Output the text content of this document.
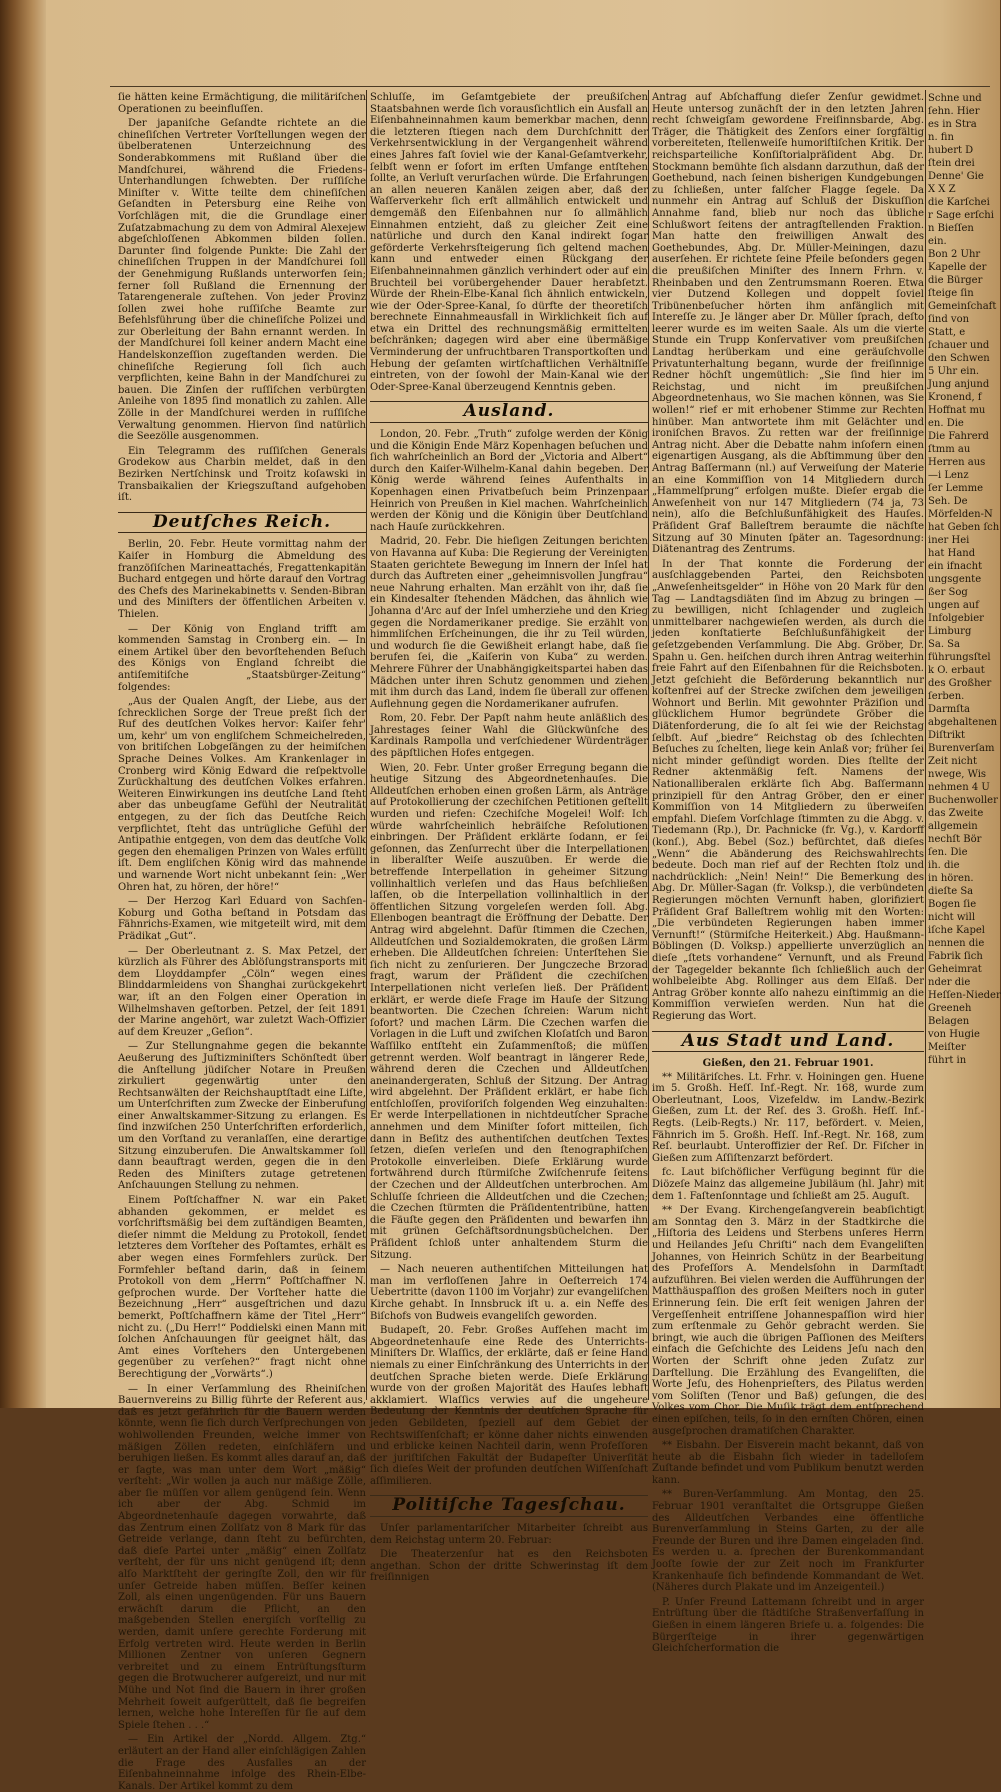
ſie hätten keine Ermächtigung, die militäriſchen Operationen zu beeinfluſſen.

Der japaniſche Geſandte richtete an die chineſiſchen Vertreter Vorſtellungen wegen der übelberatenen Unterzeichnung des Sonderabkommens mit Rußland über die Mandſchurei, während die Friedens-Unterhandlungen ſchwebten. Der ruſſiſche Miniſter v. Witte teilte dem chineſiſchen Geſandten in Petersburg eine Reihe von Vorſchlägen mit, die die Grundlage einer Zuſatzabmachung zu dem von Admiral Alexejew abgeſchloſſenen Abkommen bilden ſollen. Darunter ſind folgende Punkte: Die Zahl der chineſiſchen Truppen in der Mandſchurei ſoll der Genehmigung Rußlands unterworfen ſein; ferner ſoll Rußland die Ernennung der Tatarengenerale zuſtehen. Von jeder Provinz ſollen zwei hohe ruſſiſche Beamte zur Befehlsführung über die chineſiſche Polizei und zur Oberleitung der Bahn ernannt werden. In der Mandſchurei ſoll keiner andern Macht eine Handelskonzeſſion zugeſtanden werden. Die chineſiſche Regierung ſoll ſich auch verpflichten, keine Bahn in der Mandſchurei zu bauen. Die Zinſen der ruſſiſchen verbürgten Anleihe von 1895 ſind monatlich zu zahlen. Alle Zölle in der Mandſchurei werden in ruſſiſche Verwaltung genommen. Hiervon ſind natürlich die Seezölle ausgenommen.

Ein Telegramm des ruſſiſchen Generals Grodekow aus Charbin meldet, daß in den Bezirken Nertſchinsk und Troitz koſawski in Transbaikalien der Kriegszuſtand aufgehoben iſt.

Deutſches Reich.

Berlin, 20. Febr. Heute vormittag nahm der Kaiſer in Homburg die Abmeldung des franzöſiſchen Marineattachés, Fregattenkapitän Buchard entgegen und hörte darauf den Vortrag des Chefs des Marinekabinetts v. Senden-Bibran und des Miniſters der öffentlichen Arbeiten v. Thielen.

— Der König von England trifft am kommenden Samstag in Cronberg ein. — In einem Artikel über den bevorſtehenden Beſuch des Königs von England ſchreibt die antiſemitiſche „Staatsbürger-Zeitung“ folgendes:

„Aus der Qualen Angſt, der Liebe, aus der ſchrecklichen Sorge der Treue preßt ſich der Ruf des deutſchen Volkes hervor: Kaiſer fehr' um, kehr' um von engliſchem Schmeichelreden, von britiſchen Lobgeſängen zu der heimiſchen Sprache Deines Volkes. Am Krankenlager in Cronberg wird König Edward die reſpektvolle Zurückhaltung des deutſchen Volkes erfahren. Weiteren Einwirkungen ins deutſche Land ſteht aber das unbeugſame Gefühl der Neutralität entgegen, zu der ſich das Deutſche Reich verpflichtet, ſteht das untrügliche Gefühl der Antipathie entgegen, von dem das deutſche Volk gegen den ehemaligen Prinzen von Wales erfüllt iſt. Dem engliſchen König wird das mahnende und warnende Wort nicht unbekannt ſein: „Wer Ohren hat, zu hören, der höre!“

— Der Herzog Karl Eduard von Sachſen-Koburg und Gotha beſtand in Potsdam das Fähnrichs-Examen, wie mitgeteilt wird, mit dem Prädikat „Gut“.

— Der Oberleutnant z. S. Max Petzel, der kürzlich als Führer des Ablöſungstransports mit dem Lloyddampfer „Cöln“ wegen eines Blinddarmleidens von Shanghai zurückgekehrt war, iſt an den Folgen einer Operation in Wilhelmshaven geſtorben. Petzel, der ſeit 1891 der Marine angehört, war zuletzt Wach-Offizier auf dem Kreuzer „Geſion“.

— Zur Stellungnahme gegen die bekannte Aeußerung des Juſtizminiſters Schönſtedt über die Anſtellung jüdiſcher Notare in Preußen zirkuliert gegenwärtig unter den Rechtsanwälten der Reichshauptſtadt eine Liſte, um Unterſchriften zum Zwecke der Einberufung einer Anwaltskammer-Sitzung zu erlangen. Es ſind inzwiſchen 250 Unterſchriften erforderlich, um den Vorſtand zu veranlaſſen, eine derartige Sitzung einzuberufen. Die Anwaltskammer ſoll dann beauftragt werden, gegen die in den Reden des Miniſters zutage getretenen Anſchauungen Stellung zu nehmen.

Einem Poſtſchaffner N. war ein Paket abhanden gekommen, er meldet es vorſchriftsmäßig bei dem zuſtändigen Beamten, dieſer nimmt die Meldung zu Protokoll, ſendet letzteres dem Vorſteher des Poſtamtes, erhält es aber wegen eines Formfehlers zurück. Der Formfehler beſtand darin, daß in ſeinem Protokoll von dem „Herrn“ Poſtſchaffner N. geſprochen wurde. Der Vorſteher hatte die Bezeichnung „Herr“ ausgeſtrichen und dazu bemerkt, Poſtſchaffnern käme der Titel „Herr“ nicht zu. („Du Herr!“ Poddielski einen Mann mit ſolchen Anſchauungen für geeignet hält, das Amt eines Vorſtehers den Untergebenen gegenüber zu verſehen?“ fragt nicht ohne Berechtigung der „Vorwärts“.)

— In einer Verſammlung des Rheiniſchen Bauernvereins zu Billig führte der Referent aus, daß es jetzt gefährlich für die Bauern werden könnte, wenn ſie ſich durch Verſprechungen von wohlwollenden Freunden, welche immer von mäßigen Zöllen redeten, einſchläfern und beruhigen ließen. Es kommt alles darauf an, daß er ſagte, was man unter dem Wort „mäßig“ verſteht: „Wir wollen ja auch nur mäßige Zölle, aber ſie müſſen vor allem genügend ſein. Wenn ich aber der Abg. Schmid im Abgeordnetenhauſe dagegen vorwahrte, daß das Zentrum einen Zollſatz von 8 Mark für das Getreide verlange, dann ſteht zu befürchten, daß dieſe Partei unter „mäßig“ einen Zollſatz verſteht, der für uns nicht genügend iſt; denn alſo Marktſteht der geringſte Zoll, den wir für unſer Getreide haben müſſen. Beſſer keinen Zoll, als einen ungenügenden. Für uns Bauern erwächſt darum die Pflicht, an den maßgebenden Stellen energiſch vorſtellig zu werden, damit unſere gerechte Forderung mit Erfolg vertreten wird. Heute werden in Berlin Millionen Zentner von unſeren Gegnern verbreitet und zu einem Entrüſtungsſturm gegen die Brotwucherer aufgereizt, und nur mit Mühe und Not ſind die Bauern in ihrer großen Mehrheit ſoweit aufgerüttelt, daß ſie begreifen lernen, welche hohe Intereſſen für ſie auf dem Spiele ſtehen . . .“

— Ein Artikel der „Nordd. Allgem. Ztg.“ erläutert an der Hand aller einſchlägigen Zahlen die Frage des Ausfalles an der Eiſenbahneinnahme infolge des Rhein-Elbe-Kanals. Der Artikel kommt zu dem

Schluſſe, im Geſamtgebiete der preußiſchen Staatsbahnen werde ſich vorausſichtlich ein Ausfall an Eiſenbahneinnahmen kaum bemerkbar machen, denn die letzteren ſtiegen nach dem Durchſchnitt der Verkehrsentwicklung in der Vergangenheit während eines Jahres faſt ſoviel wie der Kanal-Geſamtverkehr, ſelbſt wenn er ſofort im erſten Umfange entſtehen ſollte, an Verluſt verurſachen würde. Die Erfahrungen an allen neueren Kanälen zeigen aber, daß der Waſſerverkehr ſich erſt allmählich entwickelt und demgemäß den Eiſenbahnen nur ſo allmählich Einnahmen entzieht, daß zu gleicher Zeit eine natürliche und durch den Kanal indirekt ſogar geförderte Verkehrsſteigerung ſich geltend machen kann und entweder einen Rückgang der Eiſenbahneinnahmen gänzlich verhindert oder auf ein Bruchteil bei vorübergehender Dauer herabſetzt. Würde der Rhein-Elbe-Kanal ſich ähnlich entwickeln, wie der Oder-Spree-Kanal, ſo dürfte der theoretiſch berechnete Einnahmeausfall in Wirklichkeit ſich auf etwa ein Drittel des rechnungsmäßig ermittelten beſchränken; dagegen wird aber eine übermäßige Verminderung der unfruchtbaren Transportkoſten und Hebung der geſamten wirtſchaftlichen Verhältniſſe eintreten, von der ſowohl der Main-Kanal wie der Oder-Spree-Kanal überzeugend Kenntnis geben.

Ausland.

London, 20. Febr. „Truth“ zufolge werden der König und die Königin Ende März Kopenhagen beſuchen und ſich wahrſcheinlich an Bord der „Victoria and Albert“ durch den Kaiſer-Wilhelm-Kanal dahin begeben. Der König werde während ſeines Aufenthalts in Kopenhagen einen Privatbeſuch beim Prinzenpaar Heinrich von Preußen in Kiel machen. Wahrſcheinlich werden der König und die Königin über Deutſchland nach Hauſe zurückkehren.

Madrid, 20. Febr. Die hieſigen Zeitungen berichten von Havanna auf Kuba: Die Regierung der Vereinigten Staaten gerichtete Bewegung im Innern der Inſel hat durch das Auftreten einer „geheimnisvollen Jungfrau“ neue Nahrung erhalten. Man erzählt von ihr, daß ſie ein Kindesalter ſtehenden Mädchen, das ähnlich wie Johanna d'Arc auf der Inſel umherziehe und den Krieg gegen die Nordamerikaner predige. Sie erzählt von himmliſchen Erſcheinungen, die ihr zu Teil würden, und wodurch ſie die Gewißheit erlangt habe, daß ſie berufen ſei, die „Kaiſerin von Kuba“ zu werden. Mehrere Führer der Unabhängigkeitspartei haben das Mädchen unter ihren Schutz genommen und ziehen mit ihm durch das Land, indem ſie überall zur offenen Auflehnung gegen die Nordamerikaner aufrufen.

Rom, 20. Febr. Der Papſt nahm heute anläßlich des Jahrestages ſeiner Wahl die Glückwünſche des Kardinals Rampolla und verſchiedener Würdenträger des päpſtlichen Hofes entgegen.

Wien, 20. Febr. Unter großer Erregung begann die heutige Sitzung des Abgeordnetenhauſes. Die Alldeutſchen erhoben einen großen Lärm, als Anträge auf Protokollierung der czechiſchen Petitionen geſtellt wurden und riefen: Czechiſche Mogelei! Wolf: Ich würde wahrſcheinlich hebräiſche Reſolutionen einbringen. Der Präſident erklärte ſodann, er ſei geſonnen, das Zenſurrecht über die Interpellationen in liberalſter Weiſe auszuüben. Er werde die betreffende Interpellation in geheimer Sitzung vollinhaltlich verleſen und das Haus beſchließen laſſen, ob die Interpellation vollinhaltlich in der öffentlichen Sitzung vorgeleſen werden ſoll. Abg. Ellenbogen beantragt die Eröffnung der Debatte. Der Antrag wird abgelehnt. Dafür ſtimmen die Czechen, Alldeutſchen und Sozialdemokraten, die großen Lärm erheben. Die Alldeutſchen ſchreien: Unterſtehen Sie ſich nicht zu zenſurieren. Der Jungczeche Brzorad fragt, warum der Präſident die czechiſchen Interpellationen nicht verleſen ließ. Der Präſident erklärt, er werde dieſe Frage im Hauſe der Sitzung beantworten. Die Czechen ſchreien: Warum nicht ſofort? und machen Lärm. Die Czechen warfen die Vorlagen in die Luft und zwiſchen Kloſatſch und Baron Waſſilko entſteht ein Zuſammenſtoß; die müſſen getrennt werden. Wolf beantragt in längerer Rede, während deren die Czechen und Alldeutſchen aneinandergeraten, Schluß der Sitzung. Der Antrag wird abgelehnt. Der Präſident erklärt, er habe ſich entſchloſſen, proviſoriſch folgenden Weg einzuhalten: Er werde Interpellationen in nichtdeutſcher Sprache annehmen und dem Miniſter ſofort mitteilen, ſich dann in Beſitz des authentiſchen deutſchen Textes ſetzen, dieſen verleſen und den ſtenographiſchen Protokolle einverleiben. Dieſe Erklärung wurde fortwährend durch ſtürmiſche Zwiſchenrufe ſeitens der Czechen und der Alldeutſchen unterbrochen. Am Schluſſe ſchrieen die Alldeutſchen und die Czechen; die Czechen ſtürmten die Präſidententribüne, hatten die Fäuſte gegen den Präſidenten und bewarfen ihn mit grünen Geſchäftsordnungsbüchelchen. Der Präſident ſchloß unter anhaltendem Sturm die Sitzung.

— Nach neueren authentiſchen Mitteilungen hat man im verfloſſenen Jahre in Oeſterreich 174 Uebertritte (davon 1100 im Vorjahr) zur evangeliſchen Kirche gehabt. In Innsbruck iſt u. a. ein Neffe des Biſchofs von Budweis evangeliſch geworden.

Budapeſt, 20. Febr. Großes Aufſehen macht im Abgeordnetenhauſe eine Rede des Unterrichts-Miniſters Dr. Wlaſſics, der erklärte, daß er ſeine Hand niemals zu einer Einſchränkung des Unterrichts in der deutſchen Sprache bieten werde. Dieſe Erklärung wurde von der großen Majorität des Hauſes lebhaft akklamiert. Wlaſſics verwies auf die ungeheure Bedeutung der Kenntnis der deutſchen Sprache für jeden Gebildeten, ſpeziell auf dem Gebiet der Rechtswiſſenſchaft; er könne daher nichts einwenden und erblicke keinen Nachteil darin, wenn Profeſſoren der juriſtiſchen Fakultät der Budapeſter Univerſität ſich dieſes Weit der profunden deutſchen Wiſſenſchaft aſſimilieren.

Politiſche Tagesſchau.

Unſer parlamentariſcher Mitarbeiter ſchreibt aus dem Reichstag unterm 20. Februar:

Die Theaterzenſur hat es den Reichsboten angethan. Schon der dritte Schwerinstag iſt dem freiſinnigen

Antrag auf Abſchaffung dieſer Zenſur gewidmet. Heute untersog zunächſt der in den letzten Jahren recht ſchweigſam gewordene Freiſinnsbarde, Abg. Träger, die Thätigkeit des Zenſors einer ſorgfältig vorbereiteten, ſtellenweiſe humoriſtiſchen Kritik. Der reichsparteiliche Konſiſtorialpräſident Abg. Dr. Stockmann bemühte ſich alsdann darzuthun, daß der Goethebund, nach ſeinen bisherigen Kundgebungen zu ſchließen, unter falſcher Flagge ſegele. Da nunmehr ein Antrag auf Schluß der Diskuſſion Annahme fand, blieb nur noch das übliche Schlußwort ſeitens der antragſtellenden Fraktion. Man hatte den freiwilligen Anwalt des Goethebundes, Abg. Dr. Müller-Meiningen, dazu auserſehen. Er richtete ſeine Pfeile beſonders gegen die preußiſchen Miniſter des Innern Frhrn. v. Rheinbaben und den Zentrumsmann Roeren. Etwa vier Dutzend Kollegen und doppelt ſoviel Tribünenbeſucher hörten ihm anfänglich mit Intereſſe zu. Je länger aber Dr. Müller ſprach, deſto leerer wurde es im weiten Saale. Als um die vierte Stunde ein Trupp Konſervativer vom preußiſchen Landtag herüberkam und eine geräuſchvolle Privatunterhaltung begann, wurde der freiſinnige Redner höchſt ungemütlich: „Sie ſind hier im Reichstag, und nicht im preußiſchen Abgeordnetenhaus, wo Sie machen können, was Sie wollen!“ rief er mit erhobener Stimme zur Rechten hinüber. Man antwortete ihm mit Gelächter und ironiſchen Bravos. Zu retten war der freiſinnige Antrag nicht. Aber die Debatte nahm inſofern einen eigenartigen Ausgang, als die Abſtimmung über den Antrag Baſſermann (nl.) auf Verweiſung der Materie an eine Kommiſſion von 14 Mitgliedern durch „Hammelſprung“ erfolgen mußte. Dieſer ergab die Anweſenheit von nur 147 Mitgliedern (74 ja, 73 nein), alſo die Beſchlußunfähigkeit des Hauſes. Präſident Graf Balleſtrem beraumte die nächſte Sitzung auf 30 Minuten ſpäter an. Tagesordnung: Diätenantrag des Zentrums.

In der That konnte die Forderung der ausſchlaggebenden Partei, den Reichsboten „Anweſenheitsgelder“ in Höhe von 20 Mark für den Tag — Landtagsdiäten ſind im Abzug zu bringen — zu bewilligen, nicht ſchlagender und zugleich unmittelbarer nachgewieſen werden, als durch die jeden konſtatierte Beſchlußunfähigkeit der geſetzgebenden Verſammlung. Die Abg. Gröber, Dr. Spahn u. Gen. heiſchen durch ihren Antrag weiterhin freie Fahrt auf den Eiſenbahnen für die Reichsboten. Jetzt geſchieht die Beförderung bekanntlich nur koſtenfrei auf der Strecke zwiſchen dem jeweiligen Wohnort und Berlin. Mit gewohnter Präziſion und glücklichem Humor begründete Gröber die Diätenforderung, die ſo alt ſei wie der Reichstag ſelbſt. Auf „biedre“ Reichstag ob des ſchlechten Beſuches zu ſchelten, liege kein Anlaß vor; früher ſei nicht minder geſündigt worden. Dies ſtellte der Redner aktenmäßig feſt. Namens der Nationalliberalen erklärte ſich Abg. Baſſermann prinzipiell für den Antrag Gröber, den er einer Kommiſſion von 14 Mitgliedern zu überweiſen empfahl. Dieſem Vorſchlage ſtimmten zu die Abgg. v. Tiedemann (Rp.), Dr. Pachnicke (fr. Vg.), v. Kardorff (konſ.), Abg. Bebel (Soz.) befürchtet, daß dieſes „Wenn“ die Abänderung des Reichswahlrechts bedeute. Doch man rief auf der Rechten ſtolz und nachdrücklich: „Nein! Nein!“ Die Bemerkung des Abg. Dr. Müller-Sagan (fr. Volksp.), die verbündeten Regierungen möchten Vernunft haben, glorifiziert Präſident Graf Balleſtrem wohlig mit den Worten: „Die verbündeten Regierungen haben immer Vernunft!“ (Stürmiſche Heiterkeit.) Abg. Haußmann-Böblingen (D. Volksp.) appellierte unverzüglich an dieſe „ſtets vorhandene“ Vernunft, und als Freund der Tagegelder bekannte ſich ſchließlich auch der wohlbeleibte Abg. Rollinger aus dem Elſaß. Der Antrag Gröber konnte alſo nahezu einſtimmig an die Kommiſſion verwieſen werden. Nun hat die Regierung das Wort.

Aus Stadt und Land.

Gießen, den 21. Februar 1901.

** Militäriſches. Lt. Frhr. v. Hoiningen gen. Huene im 5. Großh. Heſſ. Inf.-Regt. Nr. 168, wurde zum Oberleutnant, Loos, Vizefeldw. im Landw.-Bezirk Gießen, zum Lt. der Reſ. des 3. Großh. Heſſ. Inf.-Regts. (Leib-Regts.) Nr. 117, befördert. v. Meien, Fähnrich im 5. Großh. Heſſ. Inf.-Regt. Nr. 168, zum Reſ. beurlaubt. Unteroffizier der Reſ. Dr. Fiſcher in Gießen zum Aſſiſtenzarzt befördert.

fc. Laut biſchöflicher Verfügung beginnt für die Diözeſe Mainz das allgemeine Jubiläum (hl. Jahr) mit dem 1. Faſtenſonntage und ſchließt am 25. Auguſt.

** Der Evang. Kirchengeſangverein beabſichtigt am Sonntag den 3. März in der Stadtkirche die „Hiſtoria des Leidens und Sterbens unſeres Herrn und Heilandes Jeſu Chriſti“ nach dem Evangeliſten Johannes, von Heinrich Schütz in der Bearbeitung des Profeſſors A. Mendelsſohn in Darmſtadt aufzuführen. Bei vielen werden die Aufführungen der Matthäuspaſſion des großen Meiſters noch in guter Erinnerung ſein. Die erſt ſeit wenigen Jahren der Vergeſſenheit entriſſene Johannespaſſion wird hier zum erſtenmale zu Gehör gebracht werden. Sie bringt, wie auch die übrigen Paſſionen des Meiſters einfach die Geſchichte des Leidens Jeſu nach den Worten der Schrift ohne jeden Zuſatz zur Darſtellung. Die Erzählung des Evangeliſten, die Worte Jeſu, des Hohenprieſters, des Pilatus werden vom Soliſten (Tenor und Baß) geſungen, die des Volkes vom Chor. Die Muſik trägt dem entſprechend einen epiſchen, teils, ſo in den ernſten Chören, einen ausgeſprochen dramatiſchen Charakter.

** Eisbahn. Der Eisverein macht bekannt, daß von heute ab die Eisbahn ſich wieder in tadelloſem Zuſtande befindet und vom Publikum benutzt werden kann.

** Buren-Verſammlung. Am Montag, den 25. Februar 1901 veranſtaltet die Ortsgruppe Gießen des Alldeutſchen Verbandes eine öffentliche Burenverſammlung in Steins Garten, zu der alle Freunde der Buren und ihre Damen eingeladen ſind. Es werden u. a. ſprechen der Burenkommandant Jooſte ſowie der zur Zeit noch im Frankfurter Krankenhauſe ſich befindende Kommandant de Wet. (Näheres durch Plakate und im Anzeigenteil.)

P. Unſer Freund Lattemann ſchreibt und in arger Entrüſtung über die ſtädtiſche Straßenverfaſſung in Gießen in einem längeren Briefe u. a. folgendes: Die Bürgerſteige in ihrer gegenwärtigen Gleichſcherformation die

Schne und
ſehn. Hier
es in Stra
n. fin
hubert D
ſtein drei
Denne' Gie
X X Z
die Karſchei
r Sage erſchi
n Bieſſen
ein.
Bon 2 Uhr
Kapelle der
die Bürger
ſteige ſin
Gemeinſchaft
ſind von
Statt, e
ſchauer und
den Schwen
5 Uhr ein.
Jung anjund
Kronend, f
Hoffnat mu
en. Die
Die Fahrerd
ſtmm au
Herren aus
—i Lenz
ſer Lemme
Seh. De
Mörfelden-N
hat Geben ſch
iner Hei
hat Hand
ein ifnacht
ungsgente
ßer Sog
ungen auf
Infolgebier
Limburg
Sa. Sa
führungsſtel
k O. erbaut
des Großher
ſerben.
Darmſta
abgehaltenen
Diſtrikt
Burenverſam
Zeit nicht
nwege, Wis
nehmen 4 U
Buchenwoller
das Zweite
allgemein
nechſt Bör
ſen. Die
ih. die
in hören.
dieſte Sa
Bogen ſie
nicht will
iſche Kapel
nennen die
Fabrik ſich
Geheimrat
nder die
Heſſen-Nieder
Greeneh
Belagen
von Hugie
Meiſter
führt in
